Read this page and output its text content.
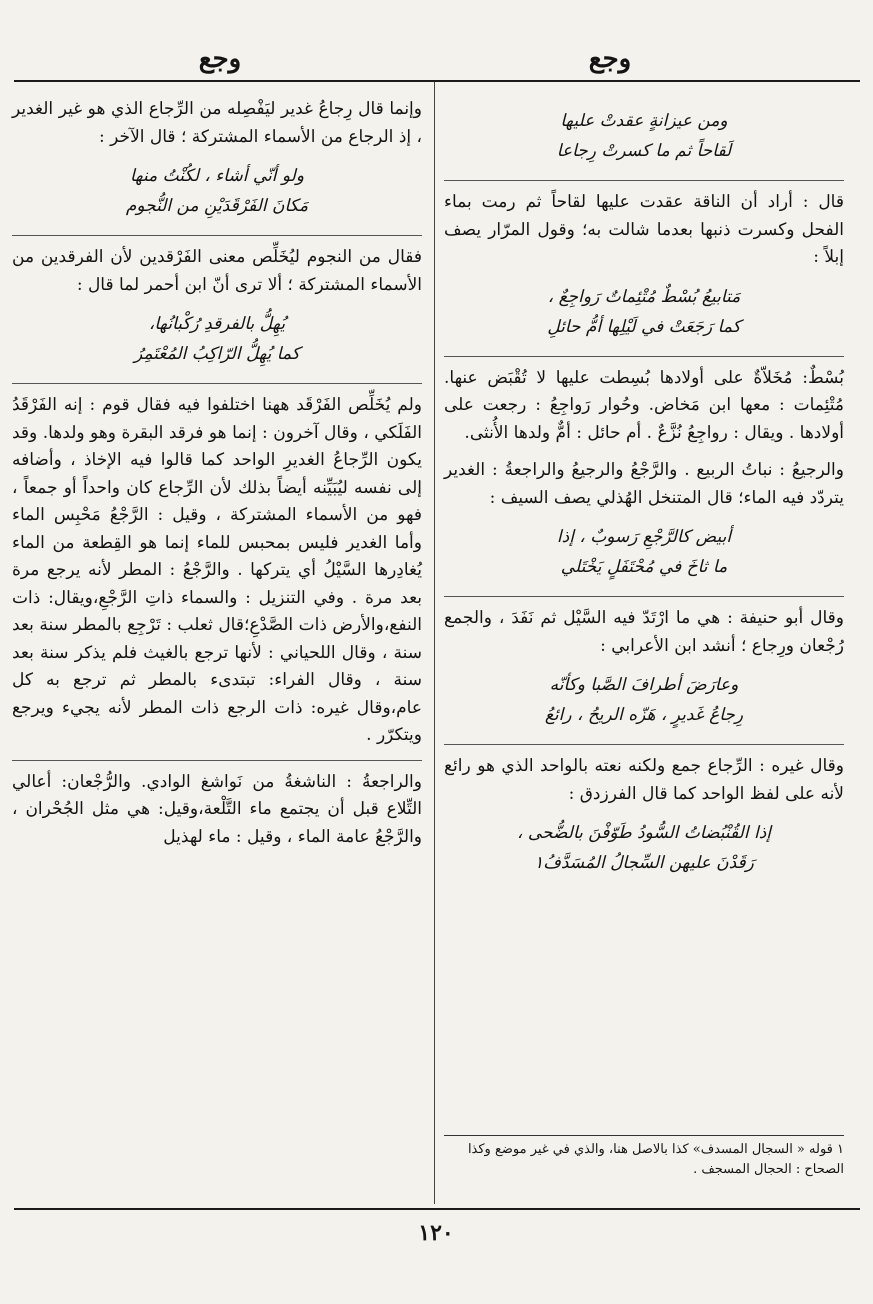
وجع
وجع
ومن عيزانةٍ عقدتْ عليها
لَقاحاً ثم ما كسرتْ رِجاعا

قال : أراد أن الناقة عقدت عليها لقاحاً ثم رمت بماء الفحل وكسرت ذنبها بعدما شالت به؛ وقول المرّار يصف إبلاً :

مَتابيعُ بُسْطٌ مُتْئِماتٌ رَواجِعٌ ،
كما رَجَعَتْ في لَيْلِها أمُّ حائلِ

بُسْطٌ: مُخَلاّةٌ على أولادها بُسِطت عليها لا تُقْبَض عنها. مُتْئِمات : معها ابن مَخاض. وحُوار رَواجِعُ : رجعت على أولادها . ويقال : رواجِعُ نُزَّعٌ . أم حائل : أمٌّ ولدها الأُنثى.

والرجيعُ : نباتُ الربيع . والرَّجْعُ والرجيعُ والراجعةُ : الغدير يتردّد فيه الماء؛ قال المتنخل الهُذلي يصف السيف :

أبيض كالرَّجْعِ رَسوبٌ ، إذا
ما ثاخَ في مُحْتَفَلٍ يَخْتَلي

وقال أبو حنيفة : هي ما ارْتَدّ فيه السَّيْل ثم نَفَدَ ، والجمع رُجْعان ورِجاع ؛ أنشد ابن الأعرابي :

وعارَضَ أطرافَ الصَّبا وكأنّه
رِجاعُ غَديرٍ ، هَزّه الريحُ ، رائعُ

وقال غيره : الرِّجاع جمع ولكنه نعته بالواحد الذي هو رائع لأنه على لفظ الواحد كما قال الفرزدق :

إذا القُنْبُضاتُ السُّودُ طَوّفْنَ بالضُّحى ،
رَقَدْنَ عليهن السِّجالُ المُسَدَّفُ١
١ قوله « السجال المسدف» كذا بالاصل هنا، والذي في غير موضع وكذا الصحاح : الحجال المسجف .

وإنما قال رِجاعُ غدير ليَفْصِله من الرِّجاع الذي هو غير الغدير ، إذ الرجاع من الأسماء المشتركة ؛ قال الآخر :

ولو أنّي أشاء ، لكُنْتُ منها
مَكانَ الفَرْقَدَيْنِ من النُّجوم

فقال من النجوم ليُخَلِّص معنى الفَرْقدين لأن الفرقدين من الأسماء المشتركة ؛ ألا ترى أنّ ابن أحمر لما قال :

يُهِلُّ بالفرقدِ رُكْبانُها،
كما يُهِلُّ الرّاكِبُ المُعْتَمِرُ

ولم يُخَلِّص الفَرْقَد ههنا اختلفوا فيه فقال قوم : إنه الفَرْقَدُ الفَلَكي ، وقال آخرون : إنما هو فرقد البقرة وهو ولدها. وقد يكون الرِّجاعُ الغديرِ الواحد كما قالوا فيه الإخاذ ، وأضافه إلى نفسه ليُبَيِّنه أيضاً بذلك لأن الرِّجاع كان واحداً أو جمعاً ، فهو من الأسماء المشتركة ، وقيل : الرَّجْعُ مَحْبِس الماء وأما الغدير فليس بمحبس للماء إنما هو القِطعة من الماء يُغادِرها السَّيْلُ أي يتركها . والرَّجْعُ : المطر لأنه يرجع مرة بعد مرة . وفي التنزيل : والسماء ذاتِ الرَّجْعِ،ويقال: ذات النفع،والأرض ذات الصَّدْعِ؛قال ثعلب : تَرْجِع بالمطر سنة بعد سنة ، وقال اللحياني : لأنها ترجع بالغيث فلم يذكر سنة بعد سنة ، وقال الفراء: تبتدىء بالمطر ثم ترجع به كل عام،وقال غيره: ذات الرجع ذات المطر لأنه يجيء ويرجع ويتكرّر .

والراجعةُ : الناشغةُ من نَواشغ الوادي. والرُّجْعان: أعالي التِّلاع قبل أن يجتمع ماء التَّلْعة،وقيل: هي مثل الجُحْران ، والرَّجْعُ عامة الماء ، وقيل : ماء لهذيل

١٢٠
